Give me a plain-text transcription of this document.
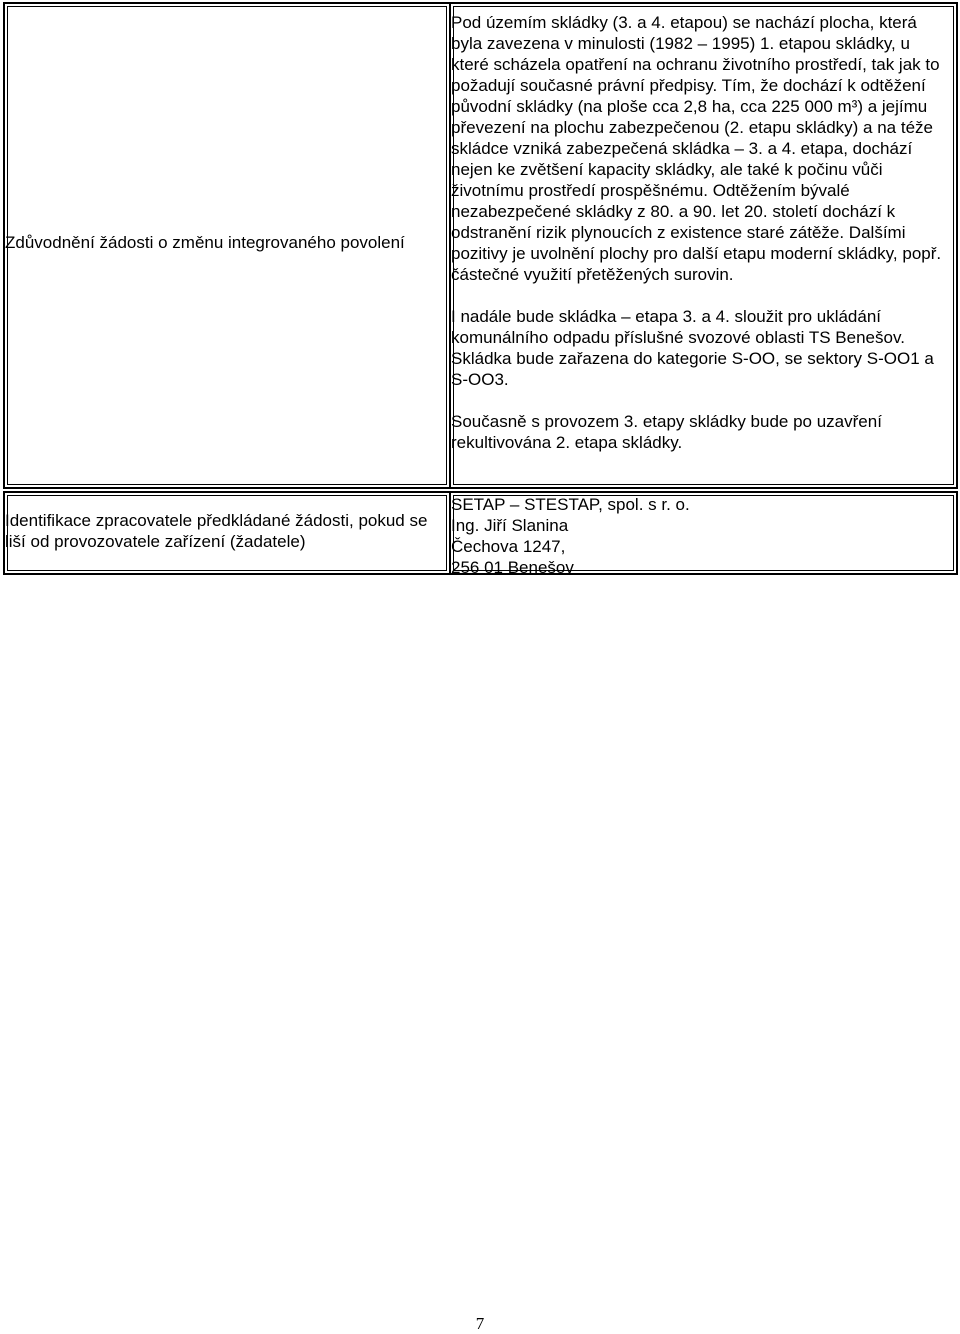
Zdůvodnění žádosti o změnu integrovaného povolení

Pod územím skládky (3. a 4. etapou) se nachází plocha, která byla zavezena v minulosti (1982 – 1995) 1. etapou skládky, u které scházela opatření na ochranu životního prostředí, tak jak to požadují současné právní předpisy. Tím, že dochází k odtěžení původní skládky (na ploše cca 2,8 ha, cca 225 000 m³) a jejímu převezení na plochu zabezpečenou (2. etapu skládky) a na téže skládce vzniká zabezpečená skládka – 3. a 4. etapa, dochází nejen ke zvětšení kapacity skládky, ale také k počinu vůči životnímu prostředí prospěšnému. Odtěžením bývalé nezabezpečené skládky z 80. a 90. let 20. století dochází k odstranění rizik plynoucích z existence staré zátěže. Dalšími pozitivy je uvolnění plochy pro další etapu moderní skládky, popř. částečné využití přetěžených surovin.

I nadále bude skládka – etapa 3. a 4. sloužit pro ukládání komunálního odpadu příslušné svozové oblasti TS Benešov. Skládka bude zařazena do kategorie S-OO, se sektory S-OO1 a S-OO3.

Současně s provozem 3. etapy skládky bude po uzavření rekultivována 2. etapa skládky.

Identifikace zpracovatele předkládané žádosti, pokud se liší od provozovatele zařízení (žadatele)
SETAP – STESTAP, spol. s r. o.
Ing. Jiří Slanina
Čechova 1247,
256 01 Benešov
7
